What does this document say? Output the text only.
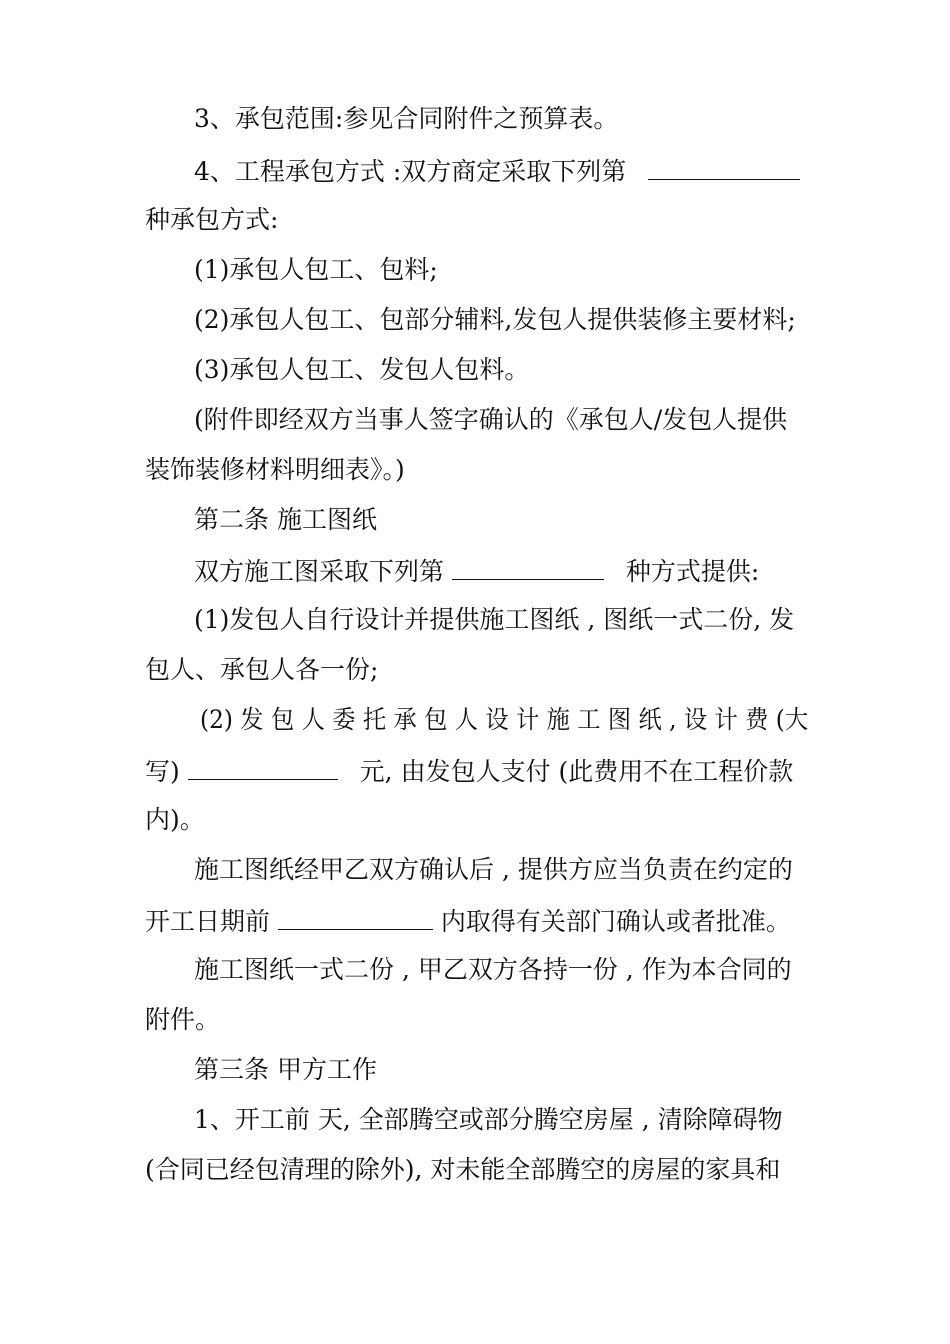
3、承包范围:参见合同附件之预算表。
4、工程承包方式 :双方商定采取下列第
种承包方式:
(1)承包人包工、包料;
(2)承包人包工、包部分辅料,发包人提供装修主要材料;
(3)承包人包工、发包人包料。
(附件即经双方当事人签字确认的《承包人/发包人提供
装饰装修材料明细表》。)
第二条 施工图纸
双方施工图采取下列第	种方式提供:
(1)发包人自行设计并提供施工图纸 , 图纸一式二份, 发
包人、承包人各一份;
(2) 发 包 人 委 托 承 包 人 设 计 施 工 图 纸 , 设 计 费 (大
写)	元, 由发包人支付 (此费用不在工程价款
内)。
施工图纸经甲乙双方确认后 , 提供方应当负责在约定的
开工日期前	内取得有关部门确认或者批准。
施工图纸一式二份 , 甲乙双方各持一份 , 作为本合同的
附件。
第三条 甲方工作
1、开工前 天, 全部腾空或部分腾空房屋 , 清除障碍物
(合同已经包清理的除外), 对未能全部腾空的房屋的家具和
